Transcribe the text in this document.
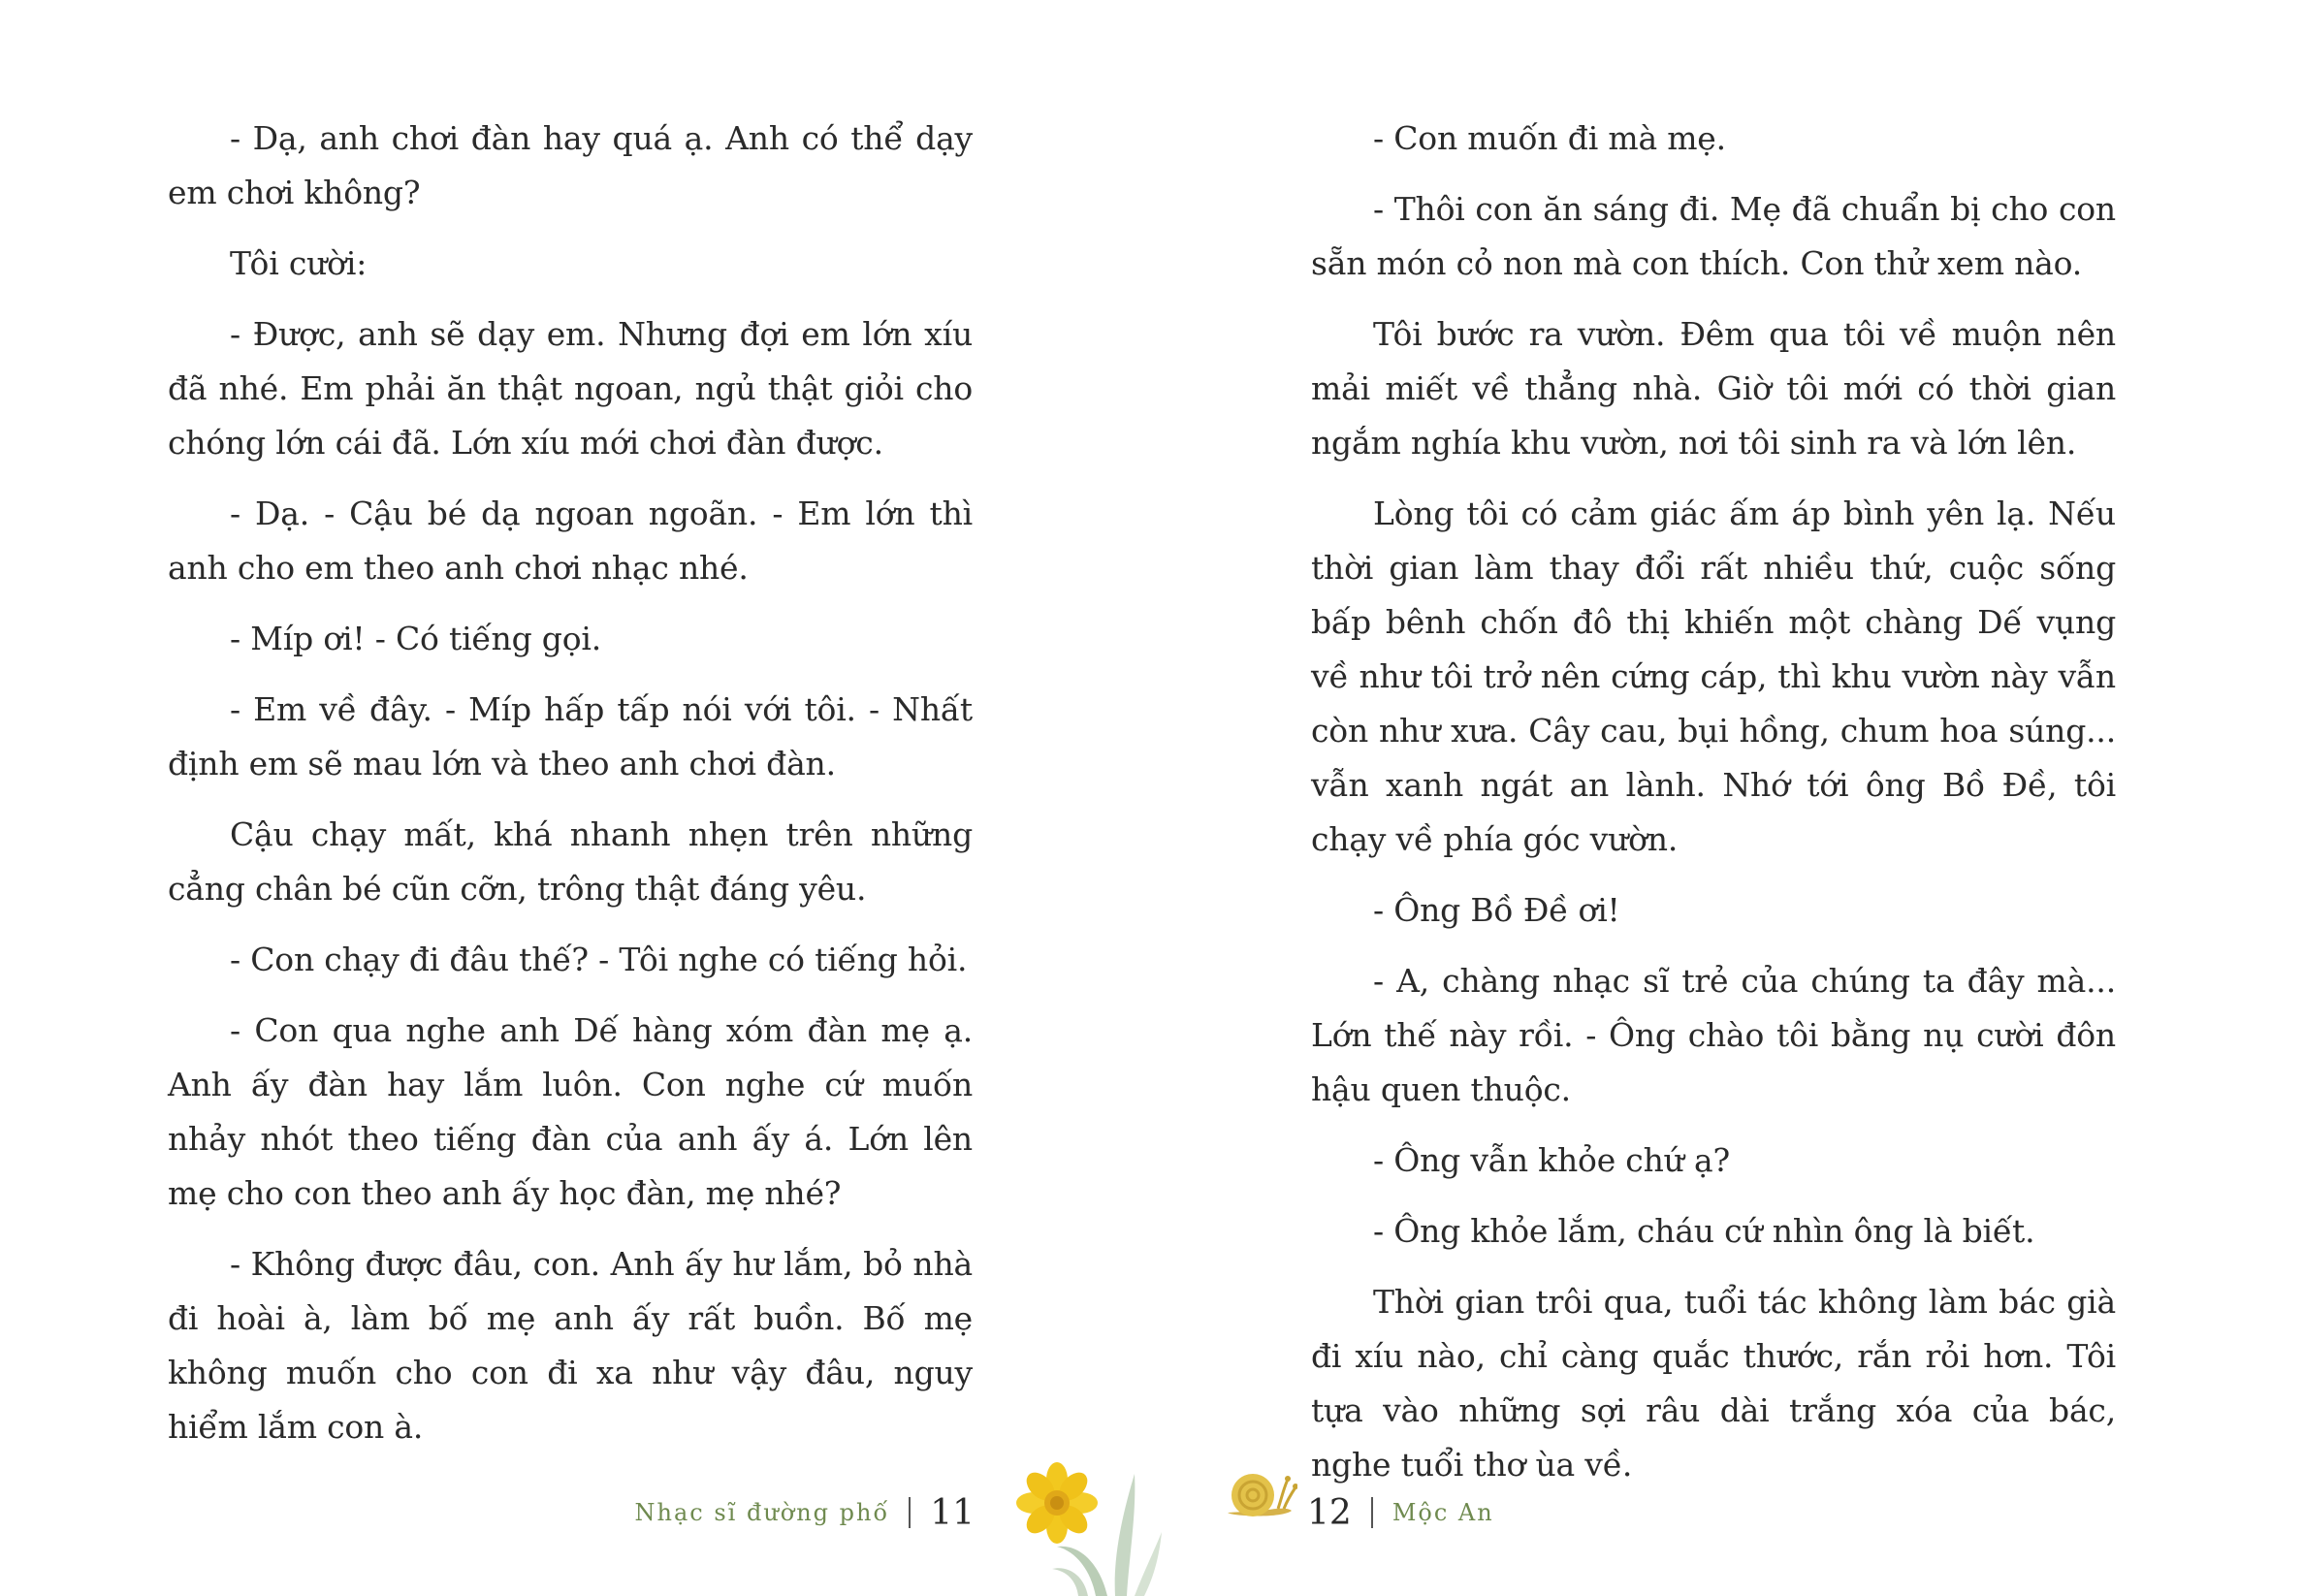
- Dạ, anh chơi đàn hay quá ạ. Anh có thể dạy em chơi không?

Tôi cười:

- Được, anh sẽ dạy em. Nhưng đợi em lớn xíu đã nhé. Em phải ăn thật ngoan, ngủ thật giỏi cho chóng lớn cái đã. Lớn xíu mới chơi đàn được.

- Dạ. - Cậu bé dạ ngoan ngoãn. - Em lớn thì anh cho em theo anh chơi nhạc nhé.

- Míp ơi! - Có tiếng gọi.

- Em về đây. - Míp hấp tấp nói với tôi. - Nhất định em sẽ mau lớn và theo anh chơi đàn.

Cậu chạy mất, khá nhanh nhẹn trên những cẳng chân bé cũn cỡn, trông thật đáng yêu.

- Con chạy đi đâu thế? - Tôi nghe có tiếng hỏi.

- Con qua nghe anh Dế hàng xóm đàn mẹ ạ. Anh ấy đàn hay lắm luôn. Con nghe cứ muốn nhảy nhót theo tiếng đàn của anh ấy á. Lớn lên mẹ cho con theo anh ấy học đàn, mẹ nhé?

- Không được đâu, con. Anh ấy hư lắm, bỏ nhà đi hoài à, làm bố mẹ anh ấy rất buồn. Bố mẹ không muốn cho con đi xa như vậy đâu, nguy hiểm lắm con à.

- Con muốn đi mà mẹ.

- Thôi con ăn sáng đi. Mẹ đã chuẩn bị cho con sẵn món cỏ non mà con thích. Con thử xem nào.

Tôi bước ra vườn. Đêm qua tôi về muộn nên mải miết về thẳng nhà. Giờ tôi mới có thời gian ngắm nghía khu vườn, nơi tôi sinh ra và lớn lên.

Lòng tôi có cảm giác ấm áp bình yên lạ. Nếu thời gian làm thay đổi rất nhiều thứ, cuộc sống bấp bênh chốn đô thị khiến một chàng Dế vụng về như tôi trở nên cứng cáp, thì khu vườn này vẫn còn như xưa. Cây cau, bụi hồng, chum hoa súng... vẫn xanh ngát an lành. Nhớ tới ông Bồ Đề, tôi chạy về phía góc vườn.

- Ông Bồ Đề ơi!

- A, chàng nhạc sĩ trẻ của chúng ta đây mà... Lớn thế này rồi. - Ông chào tôi bằng nụ cười đôn hậu quen thuộc.

- Ông vẫn khỏe chứ ạ?

- Ông khỏe lắm, cháu cứ nhìn ông là biết.

Thời gian trôi qua, tuổi tác không làm bác già đi xíu nào, chỉ càng quắc thước, rắn rỏi hơn. Tôi tựa vào những sợi râu dài trắng xóa của bác, nghe tuổi thơ ùa về.

Nhạc sĩ đường phố 11	12 Mộc An
